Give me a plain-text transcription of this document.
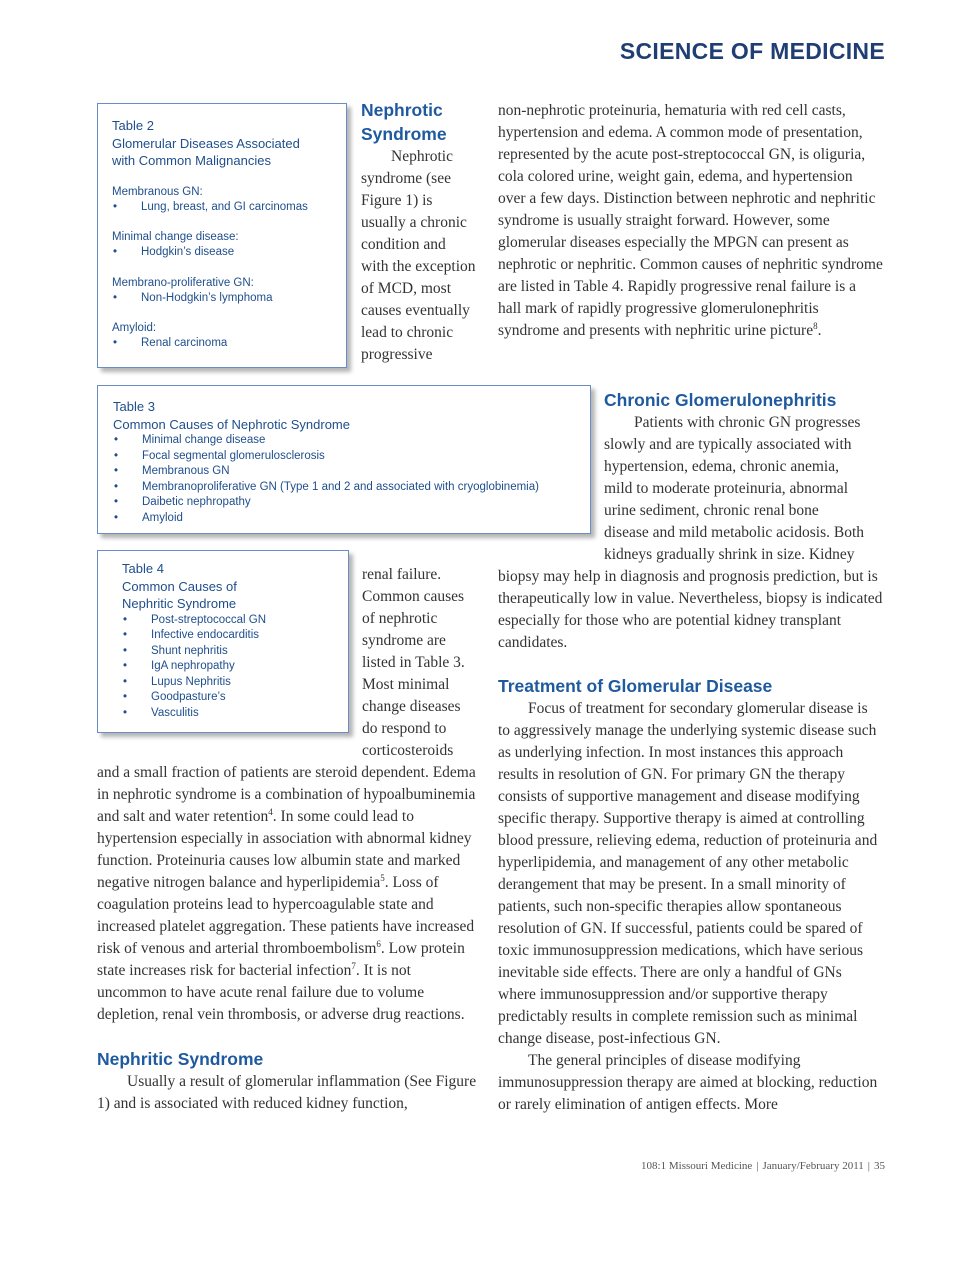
SCIENCE OF MEDICINE
Table 2
Glomerular Diseases Associated
with Common Malignancies
Membranous GN:
• Lung, breast, and GI carcinomas
Minimal change disease:
• Hodgkin’s disease
Membrano-proliferative GN:
• Non-Hodgkin’s lymphoma
Amyloid:
• Renal carcinoma
Table 3
Common Causes of Nephrotic Syndrome
• Minimal change disease
• Focal segmental glomerulosclerosis
• Membranous GN
• Membranoproliferative GN (Type 1 and 2 and associated with cryoglobinemia)
• Daibetic nephropathy
• Amyloid
Table 4
Common Causes of
Nephritic Syndrome
• Post-streptococcal GN
• Infective endocarditis
• Shunt nephritis
• IgA nephropathy
• Lupus Nephritis
• Goodpasture’s
• Vasculitis
Nephrotic
Syndrome
Nephrotic
syndrome (see
Figure 1) is
usually a chronic
condition and
with the exception
of MCD, most
causes eventually
lead to chronic
progressive
renal failure.
Common causes
of nephrotic
syndrome are
listed in Table 3.
Most minimal
change diseases
do respond to
corticosteroids

and a small fraction of patients are steroid dependent. Edema in nephrotic syndrome is a combination of hypoalbuminemia and salt and water retention$^4$. In some could lead to hypertension especially in association with abnormal kidney function. Proteinuria causes low albumin state and marked negative nitrogen balance and hyperlipidemia$^5$. Loss of coagulation proteins lead to hypercoagulable state and increased platelet aggregation. These patients have increased risk of venous and arterial thromboembolism$^6$. Low protein state increases risk for bacterial infection$^7$. It is not uncommon to have acute renal failure due to volume depletion, renal vein thrombosis, or adverse drug reactions.

Nephritic Syndrome

Usually a result of glomerular inflammation (See Figure 1) and is associated with reduced kidney function,

non-nephrotic proteinuria, hematuria with red cell casts, hypertension and edema. A common mode of presentation, represented by the acute post-streptococcal GN, is oliguria, cola colored urine, weight gain, edema, and hypertension over a few days. Distinction between nephrotic and nephritic syndrome is usually straight forward. However, some glomerular diseases especially the MPGN can present as nephrotic or nephritic. Common causes of nephritic syndrome are listed in Table 4. Rapidly progressive renal failure is a hall mark of rapidly progressive glomerulonephritis syndrome and presents with nephritic urine picture$^8$.

Chronic Glomerulonephritis
Patients with chronic GN progresses
slowly and are typically associated with
hypertension, edema, chronic anemia,
mild to moderate proteinuria, abnormal
urine sediment, chronic renal bone
disease and mild metabolic acidosis. Both
kidneys gradually shrink in size. Kidney

biopsy may help in diagnosis and prognosis prediction, but is therapeutically low in value. Nevertheless, biopsy is indicated especially for those who are potential kidney transplant candidates.

Treatment of Glomerular Disease

Focus of treatment for secondary glomerular disease is to aggressively manage the underlying systemic disease such as underlying infection. In most instances this approach results in resolution of GN. For primary GN the therapy consists of supportive management and disease modifying specific therapy. Supportive therapy is aimed at controlling blood pressure, relieving edema, reduction of proteinuria and hyperlipidemia, and management of any other metabolic derangement that may be present. In a small minority of patients, such non-specific therapies allow spontaneous resolution of GN. If successful, patients could be spared of toxic immunosuppression medications, which have serious inevitable side effects. There are only a handful of GNs where immunosuppression and/or supportive therapy predictably results in complete remission such as minimal change disease, post-infectious GN.

The general principles of disease modifying immunosuppression therapy are aimed at blocking, reduction or rarely elimination of antigen effects. More

108:1 Missouri Medicine | January/February 2011 | 35
